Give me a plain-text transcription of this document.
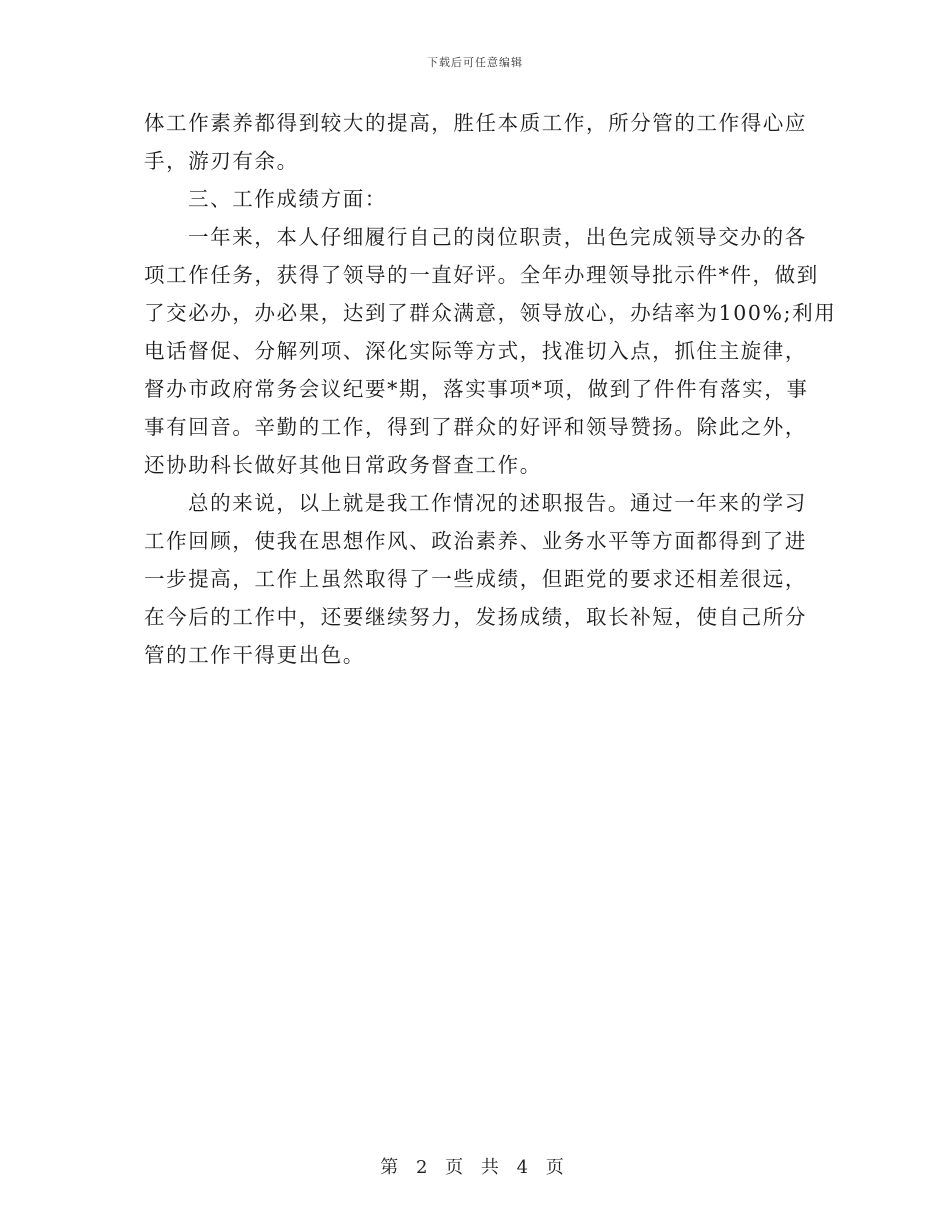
下载后可任意编辑
体工作素养都得到较大的提高，胜任本质工作，所分管的工作得心应
手，游刃有余。
三、工作成绩方面：
一年来，本人仔细履行自己的岗位职责，出色完成领导交办的各
项工作任务，获得了领导的一直好评。全年办理领导批示件*件，做到
了交必办，办必果，达到了群众满意，领导放心，办结率为100%;利用
电话督促、分解列项、深化实际等方式，找准切入点，抓住主旋律，
督办市政府常务会议纪要*期，落实事项*项，做到了件件有落实，事
事有回音。辛勤的工作，得到了群众的好评和领导赞扬。除此之外，
还协助科长做好其他日常政务督查工作。
总的来说，以上就是我工作情况的述职报告。通过一年来的学习
工作回顾，使我在思想作风、政治素养、业务水平等方面都得到了进
一步提高，工作上虽然取得了一些成绩，但距党的要求还相差很远，
在今后的工作中，还要继续努力，发扬成绩，取长补短，使自己所分
管的工作干得更出色。
第 2 页 共 4 页
